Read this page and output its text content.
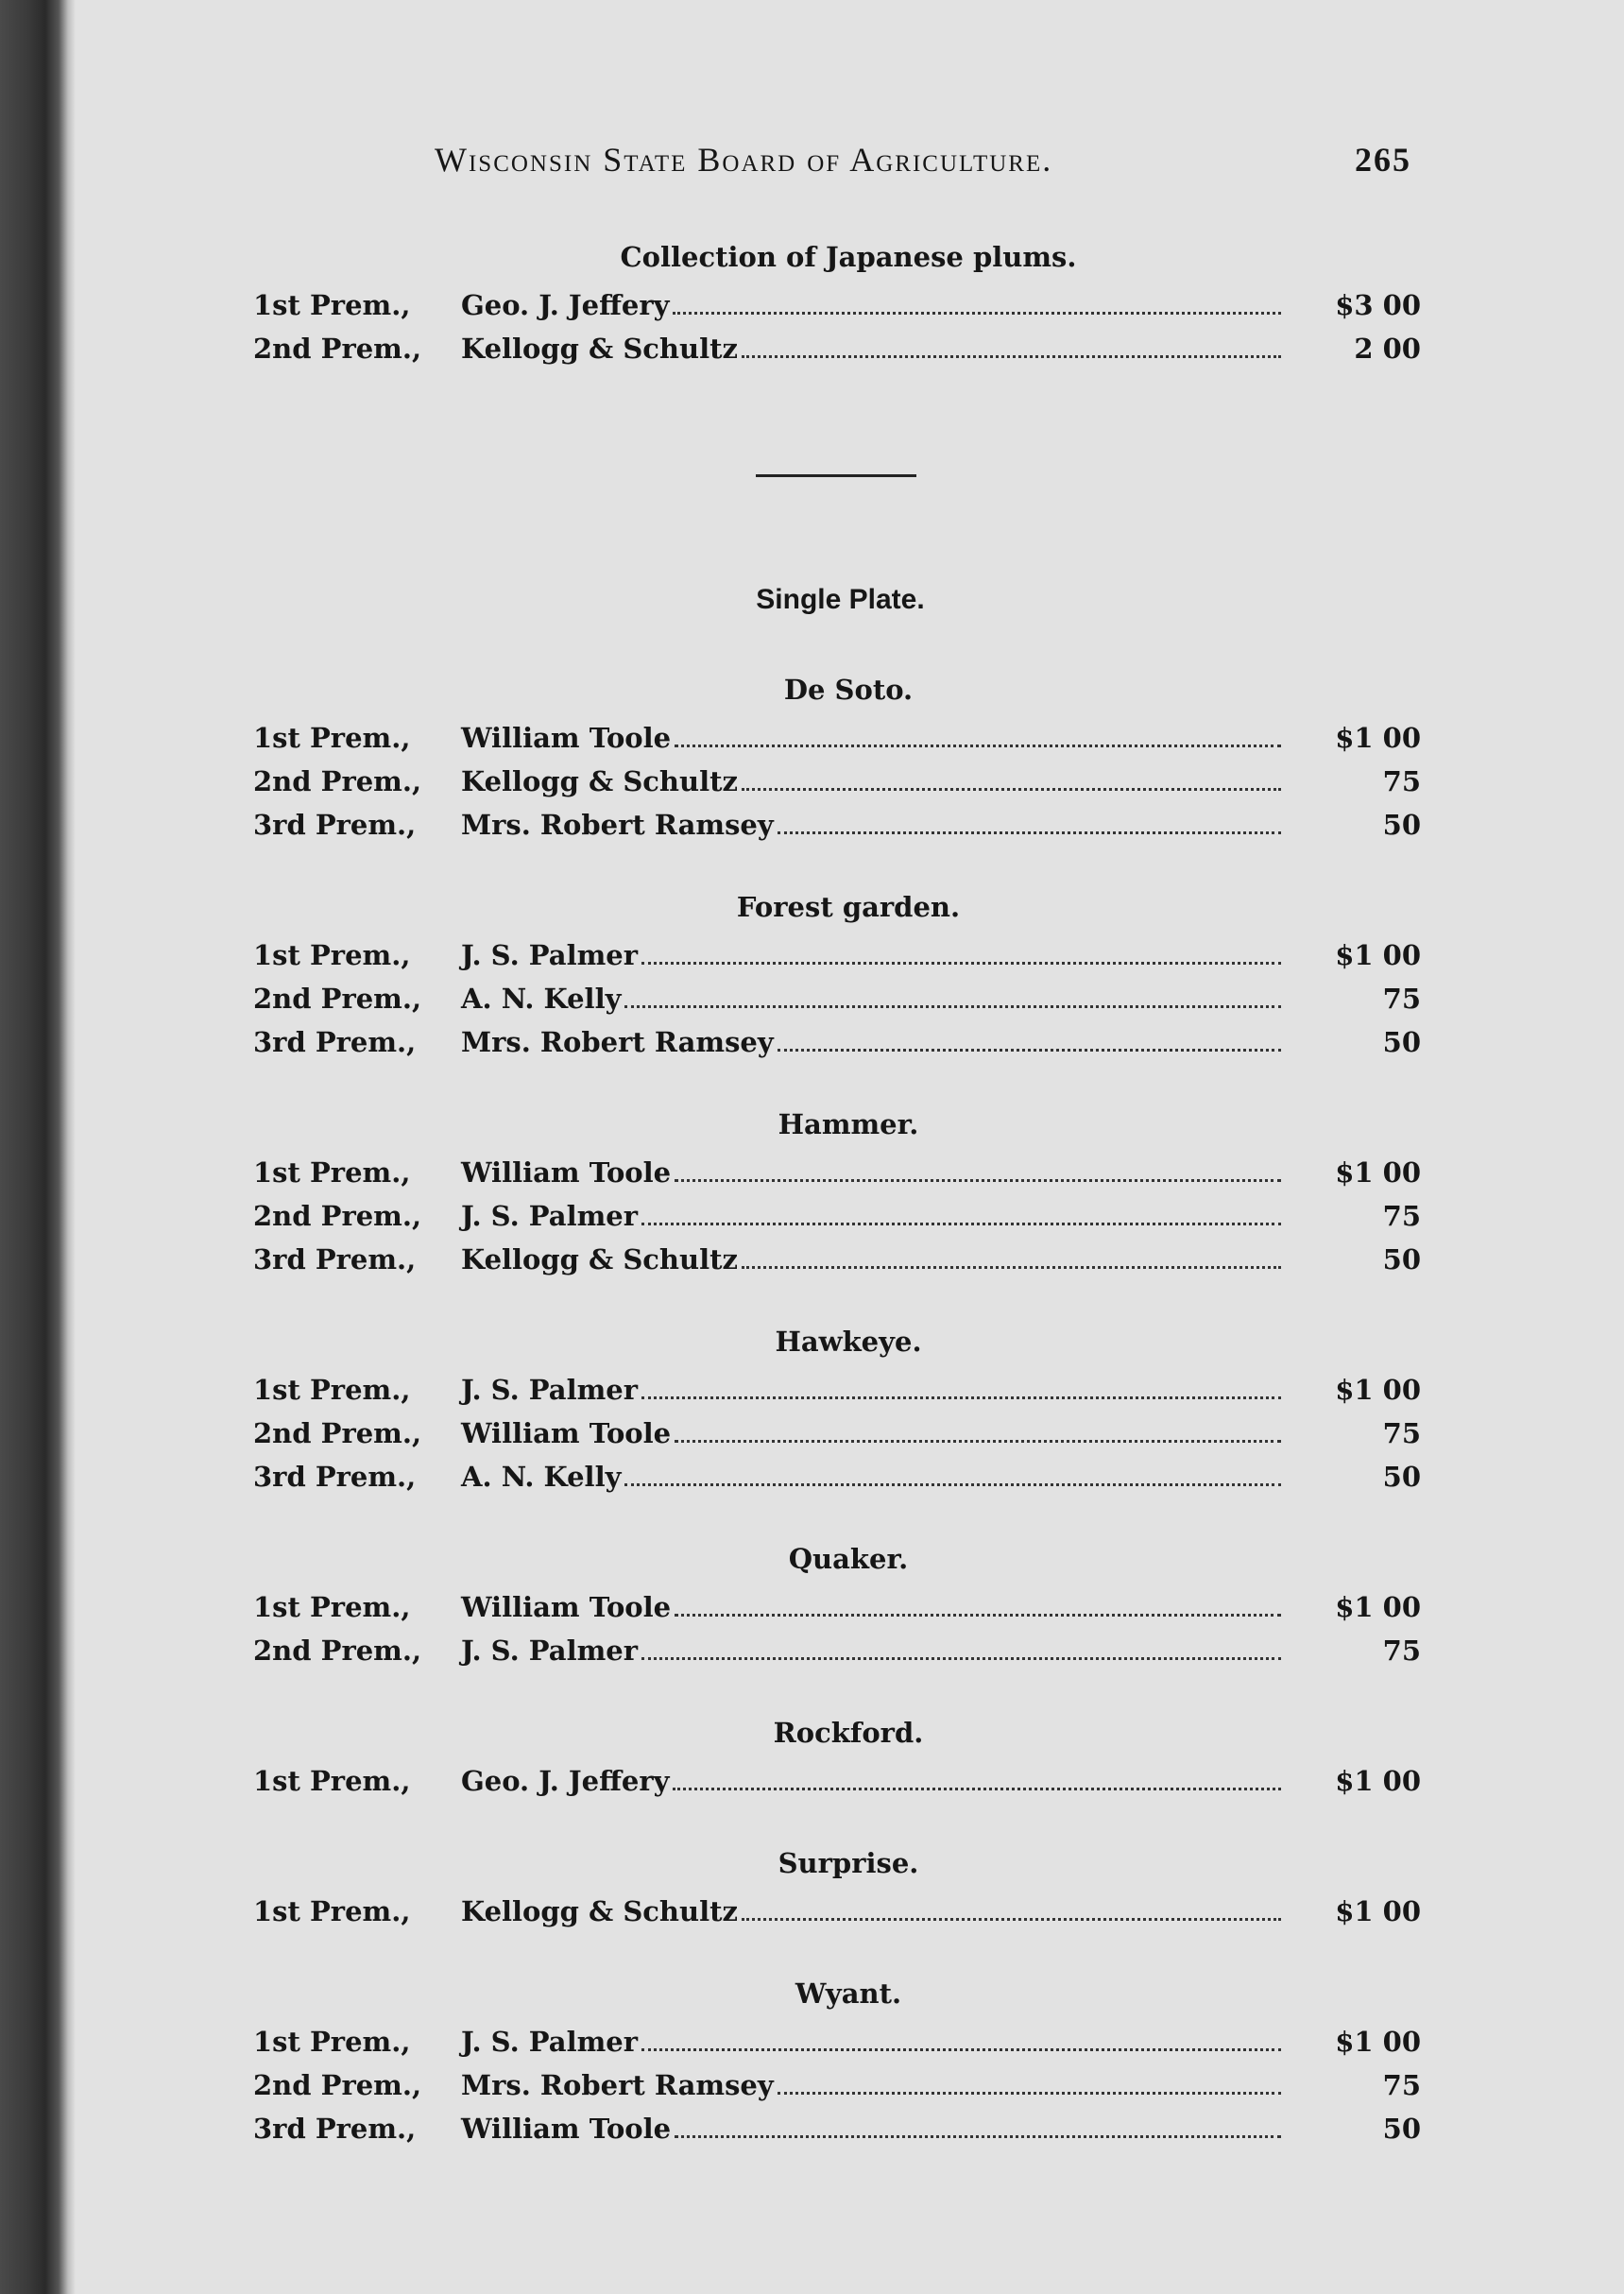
Wisconsin State Board of Agriculture.	265
Single Plate.
Collection of Japanese plums.
1st Prem.,	Geo. J. Jeffery	$3 00
2nd Prem.,	Kellogg & Schultz	2 00
De Soto.
1st Prem.,	William Toole	$1 00
2nd Prem.,	Kellogg & Schultz	75
3rd Prem.,	Mrs. Robert Ramsey	50
Forest garden.
1st Prem.,	J. S. Palmer	$1 00
2nd Prem.,	A. N. Kelly	75
3rd Prem.,	Mrs. Robert Ramsey	50
Hammer.
1st Prem.,	William Toole	$1 00
2nd Prem.,	J. S. Palmer	75
3rd Prem.,	Kellogg & Schultz	50
Hawkeye.
1st Prem.,	J. S. Palmer	$1 00
2nd Prem.,	William Toole	75
3rd Prem.,	A. N. Kelly	50
Quaker.
1st Prem.,	William Toole	$1 00
2nd Prem.,	J. S. Palmer	75
Rockford.
1st Prem.,	Geo. J. Jeffery	$1 00
Surprise.
1st Prem.,	Kellogg & Schultz	$1 00
Wyant.
1st Prem.,	J. S. Palmer	$1 00
2nd Prem.,	Mrs. Robert Ramsey	75
3rd Prem.,	William Toole	50
